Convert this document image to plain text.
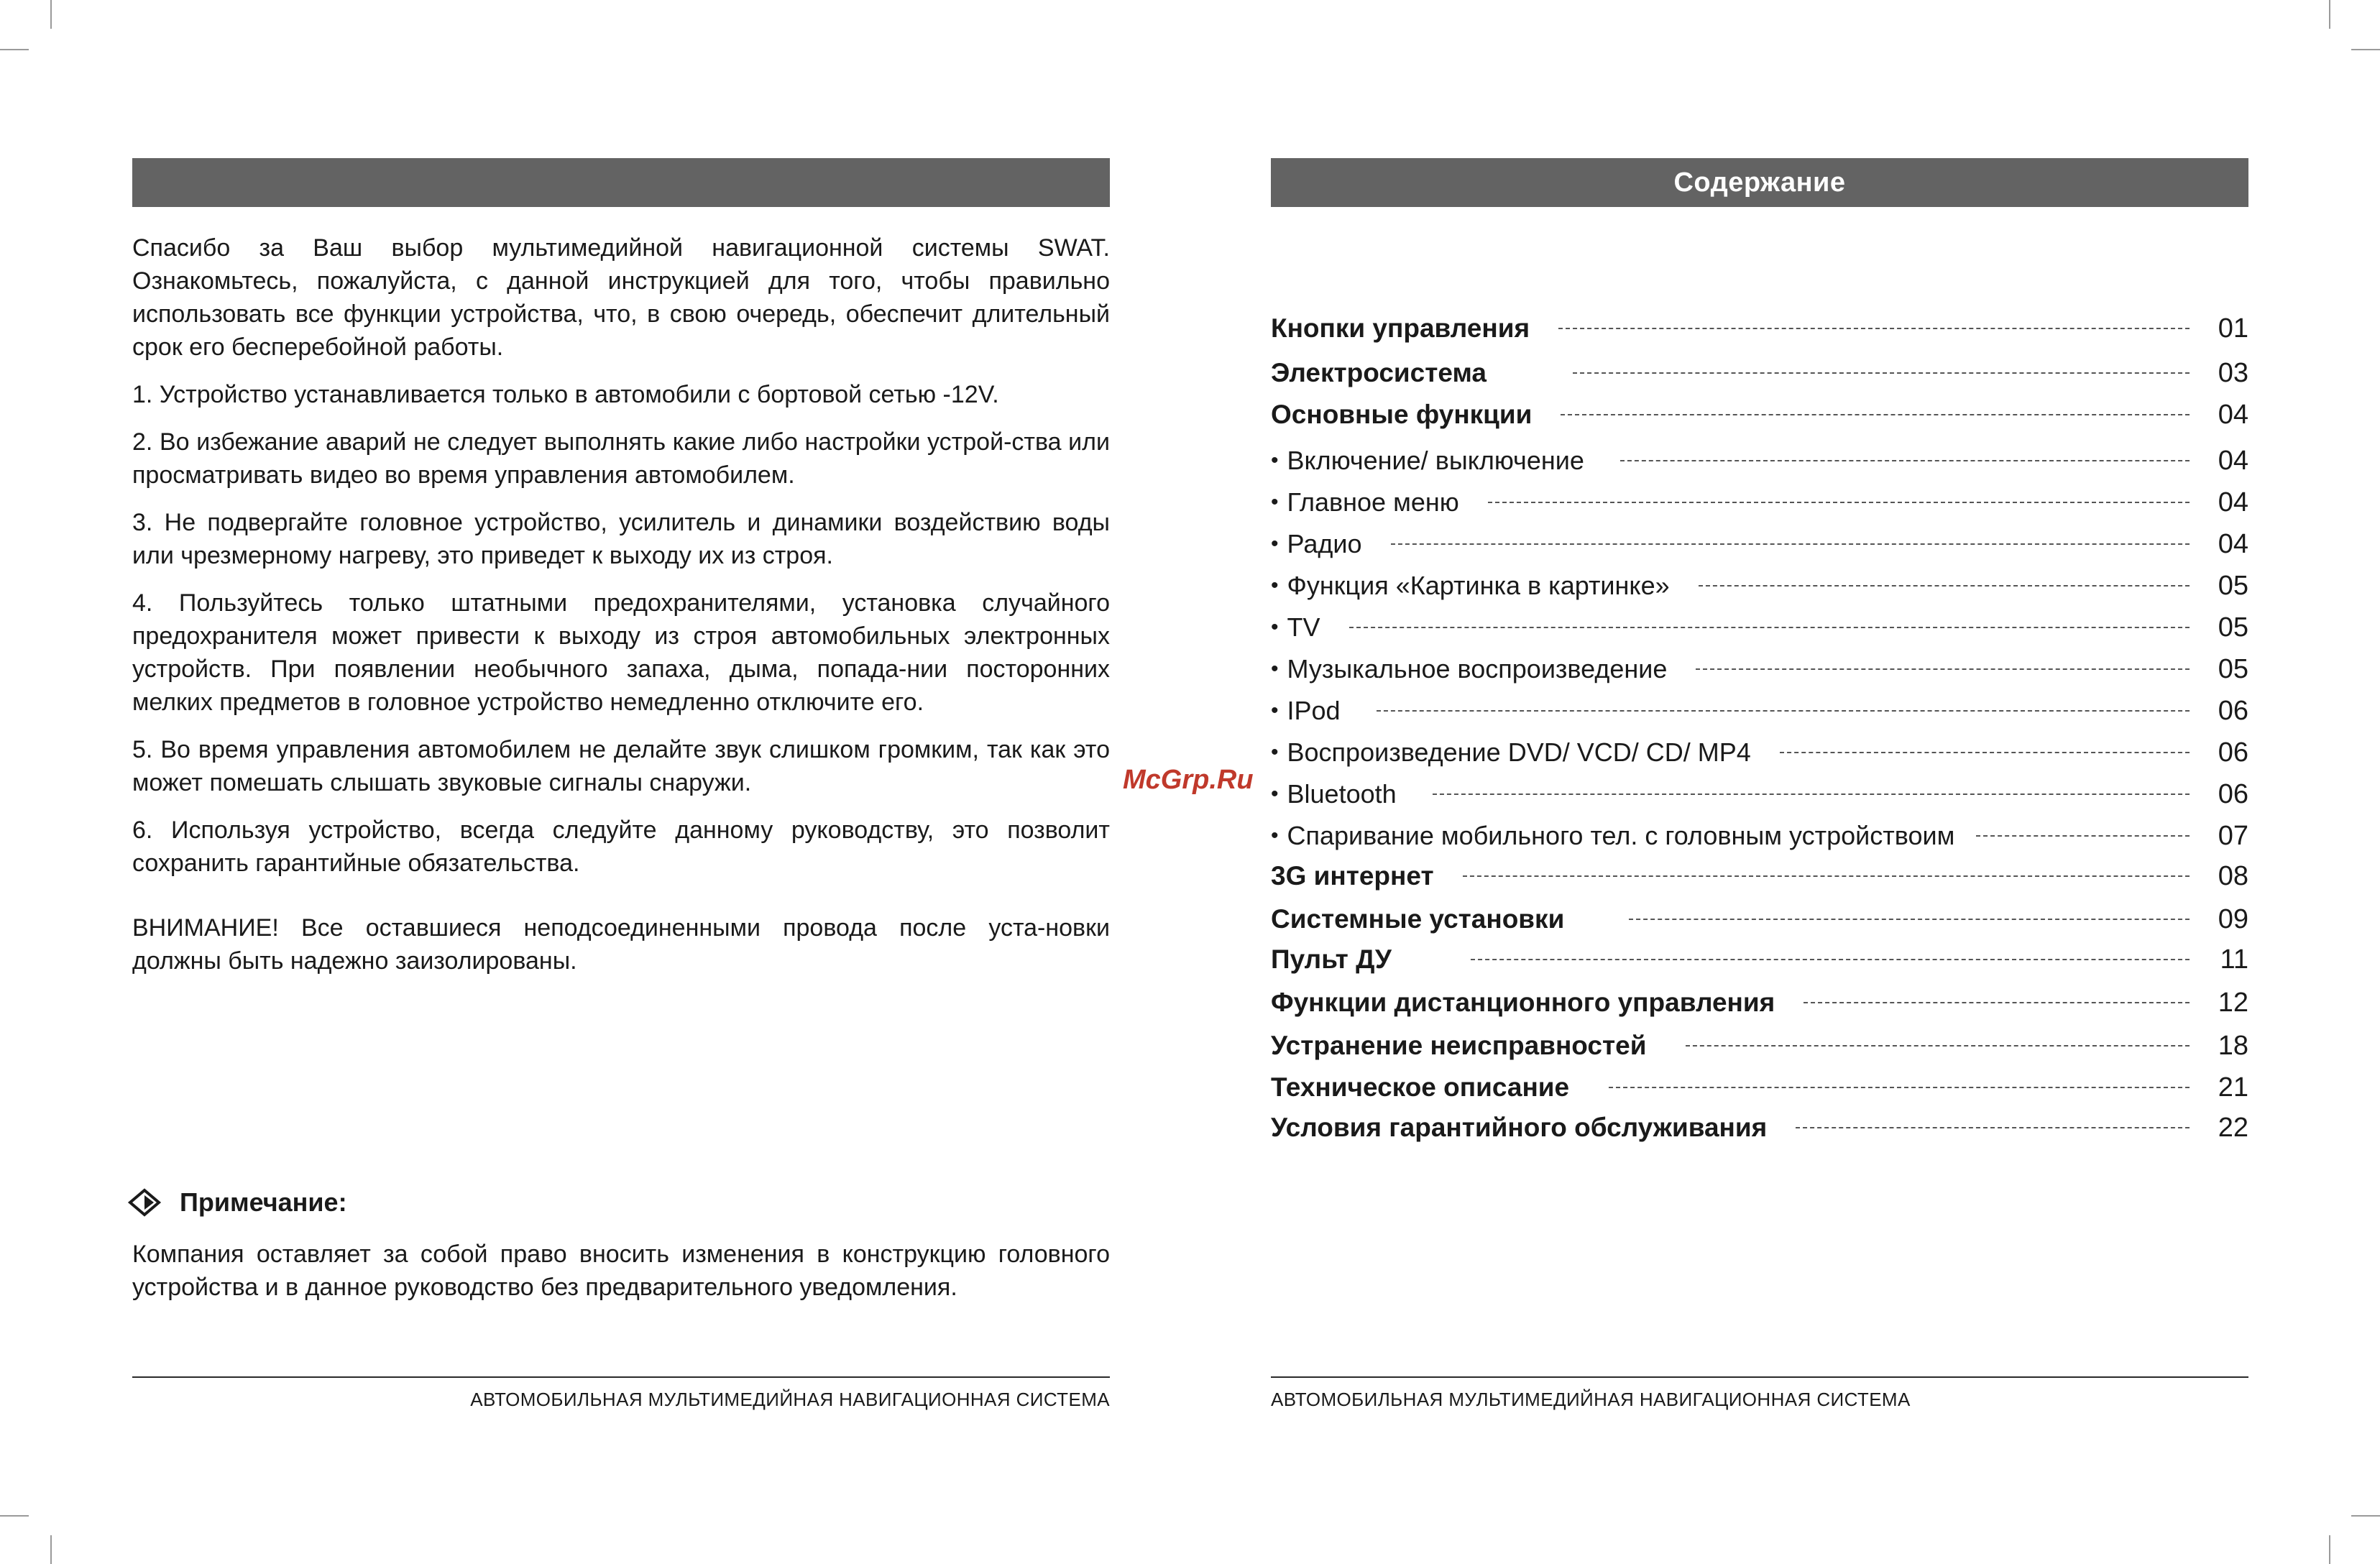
Спасибо за Ваш выбор мультимедийной навигационной системы SWAT. Ознакомьтесь, пожалуйста, с данной инструкцией для того, чтобы правильно использовать все функции устройства, что, в свою очередь, обеспечит длительный срок его бесперебойной работы.

1. Устройство устанавливается только в автомобили с бортовой сетью -12V.

2. Во избежание аварий не следует выполнять какие либо настройки устрой-ства или просматривать видео во время управления автомобилем.

3. Не подвергайте головное устройство, усилитель и динамики воздействию воды или чрезмерному нагреву, это приведет к выходу их из строя.

4. Пользуйтесь только штатными предохранителями, установка случайного предохранителя может привести к выходу из строя автомобильных электронных устройств. При появлении необычного запаха, дыма, попада-нии посторонних мелких предметов в головное устройство немедленно отключите его.

5. Во время управления автомобилем не делайте звук слишком громким, так как это может помешать слышать звуковые сигналы снаружи.

6. Используя устройство, всегда следуйте данному руководству, это позволит сохранить гарантийные обязательства.

ВНИМАНИЕ! Все оставшиеся неподсоединенными провода после уста-новки должны быть надежно заизолированы.

Примечание:

Компания оставляет за собой право вносить изменения в конструкцию головного устройства и в данное руководство без предварительного уведомления.

АВТОМОБИЛЬНАЯ МУЛЬТИМЕДИЙНАЯ НАВИГАЦИОННАЯ СИСТЕМА
McGrp.Ru
Содержание
Кнопки управления	01
Электросистема	03
Основные функции	04
• Включение/ выключение	04
• Главное меню	04
• Радио	04
• Функция «Картинка в картинке»	05
• TV	05
• Музыкальное воспроизведение	05
• IPod	06
• Воспроизведение DVD/ VCD/ CD/ MP4	06
• Bluetooth	06
• Спаривание мобильного тел. с головным устройствоим	07
3G интернет	08
Системные установки	09
Пульт ДУ	11
Функции дистанционного управления	12
Устранение неисправностей	18
Техническое описание	21
Условия гарантийного обслуживания	22
АВТОМОБИЛЬНАЯ МУЛЬТИМЕДИЙНАЯ НАВИГАЦИОННАЯ СИСТЕМА
